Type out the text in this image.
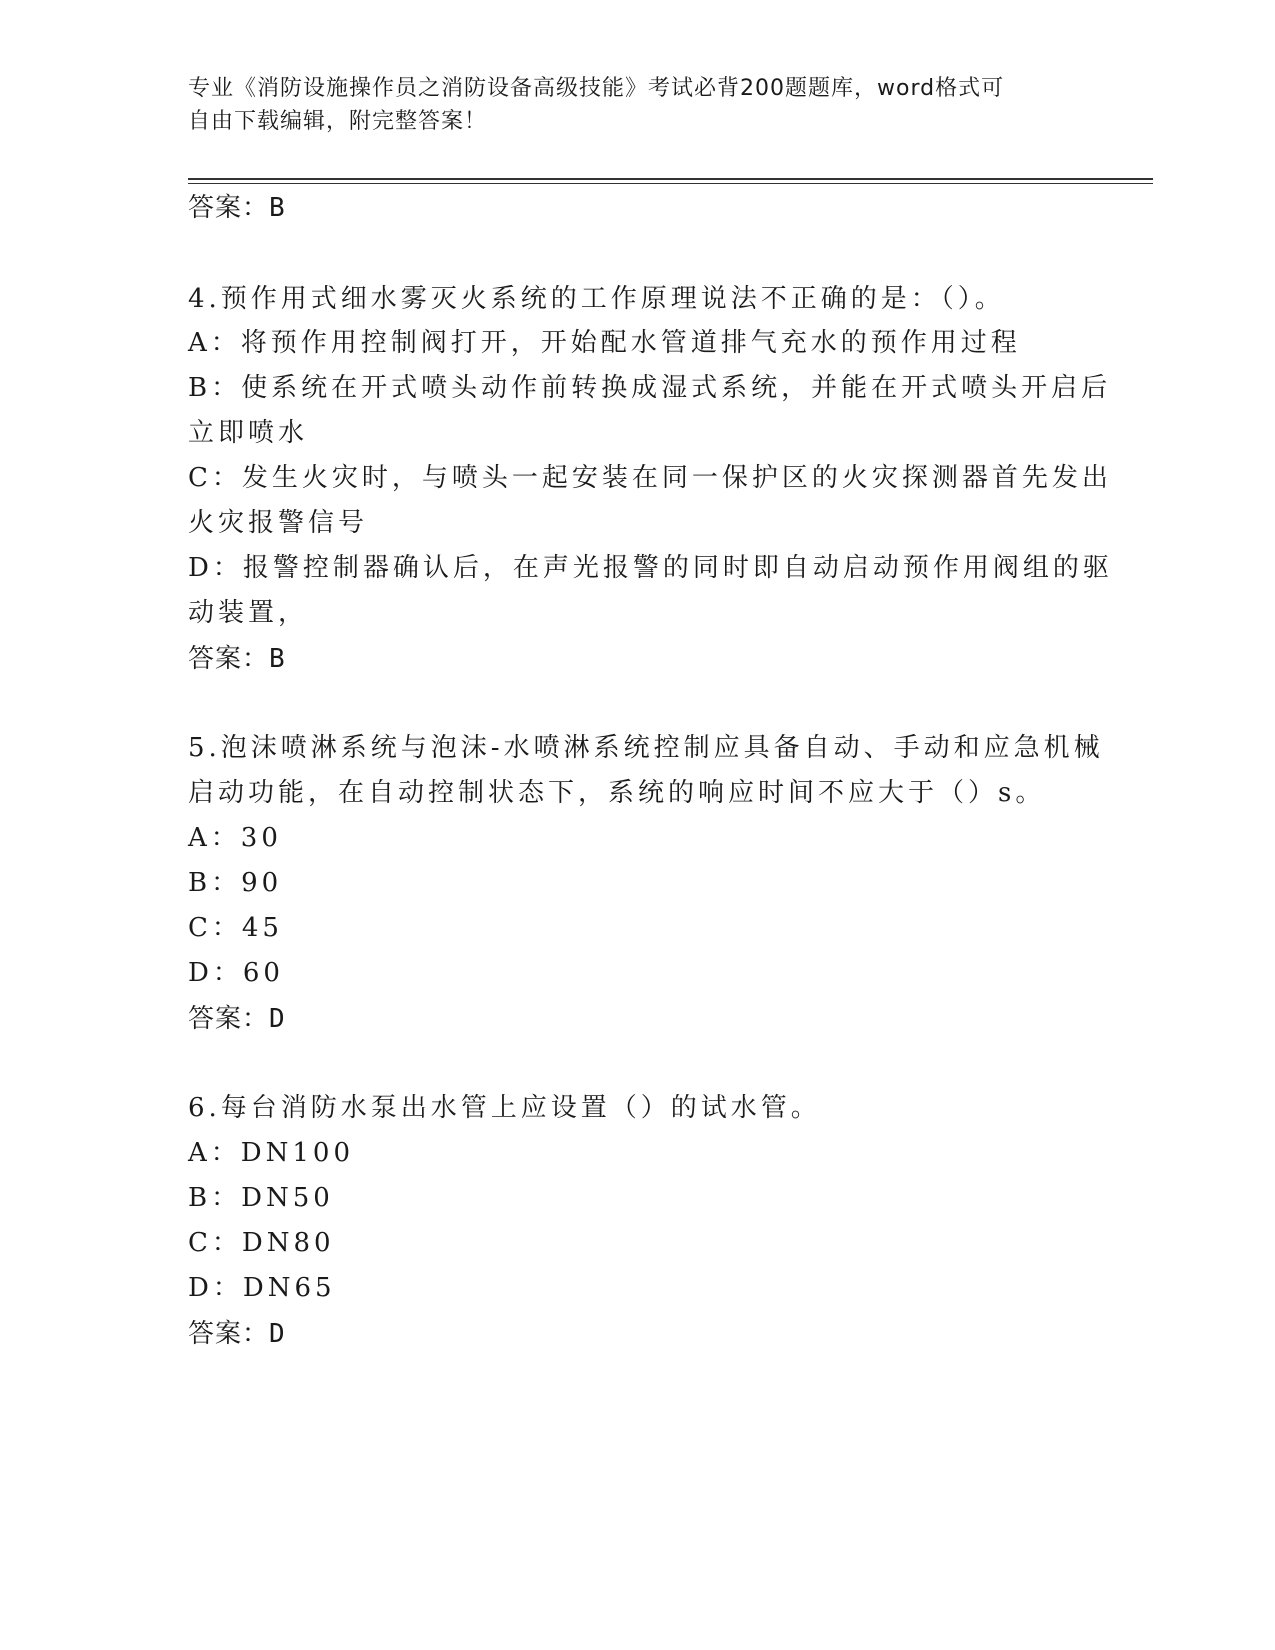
专业《消防设施操作员之消防设备高级技能》考试必背200题题库，word格式可
自由下载编辑，附完整答案！
答案：B
4.预作用式细水雾灭火系统的工作原理说法不正确的是：（）。
A：将预作用控制阀打开，开始配水管道排气充水的预作用过程
B：使系统在开式喷头动作前转换成湿式系统，并能在开式喷头开启后
立即喷水
C：发生火灾时，与喷头一起安装在同一保护区的火灾探测器首先发出
火灾报警信号
D：报警控制器确认后，在声光报警的同时即自动启动预作用阀组的驱
动装置，
答案：B
5.泡沫喷淋系统与泡沫-水喷淋系统控制应具备自动、手动和应急机械
启动功能，在自动控制状态下，系统的响应时间不应大于（）s。
A：30
B：90
C：45
D：60
答案：D
6.每台消防水泵出水管上应设置（）的试水管。
A：DN100
B：DN50
C：DN80
D：DN65
答案：D
